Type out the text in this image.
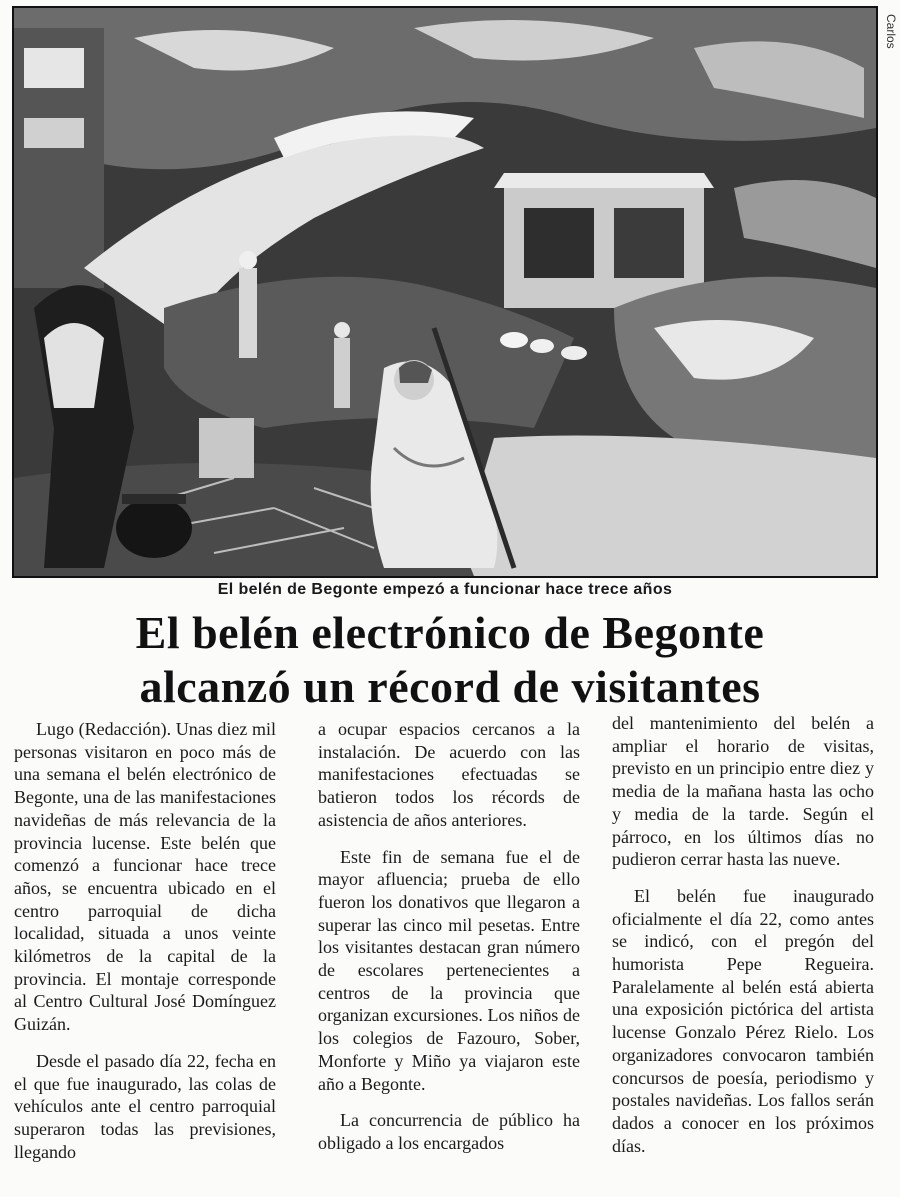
Carlos
El belén de Begonte empezó a funcionar hace trece años
El belén electrónico de Begonte
alcanzó un récord de visitantes

Lugo (Redacción). Unas diez mil personas visitaron en poco más de una semana el belén electrónico de Begonte, una de las manifestaciones navideñas de más relevancia de la provincia lucense. Este belén que comenzó a funcionar hace trece años, se encuentra ubicado en el centro parroquial de dicha localidad, situada a unos veinte kilómetros de la capital de la provincia. El montaje corresponde al Centro Cultural José Domínguez Guizán.

Desde el pasado día 22, fecha en el que fue inaugurado, las colas de vehículos ante el centro parroquial superaron todas las previsiones, llegando

a ocupar espacios cercanos a la instalación. De acuerdo con las manifestaciones efectuadas se batieron todos los récords de asistencia de años anteriores.

Este fin de semana fue el de mayor afluencia; prueba de ello fueron los donativos que llegaron a superar las cinco mil pesetas. Entre los visitantes destacan gran número de escolares pertenecientes a centros de la provincia que organizan excursiones. Los niños de los colegios de Fazouro, Sober, Monforte y Miño ya viajaron este año a Begonte.

La concurrencia de público ha obligado a los encargados

del mantenimiento del belén a ampliar el horario de visitas, previsto en un principio entre diez y media de la mañana hasta las ocho y media de la tarde. Según el párroco, en los últimos días no pudieron cerrar hasta las nueve.

El belén fue inaugurado oficialmente el día 22, como antes se indicó, con el pregón del humorista Pepe Regueira. Paralelamente al belén está abierta una exposición pictórica del artista lucense Gonzalo Pérez Rielo. Los organizadores convocaron también concursos de poesía, periodismo y postales navideñas. Los fallos serán dados a conocer en los próximos días.
